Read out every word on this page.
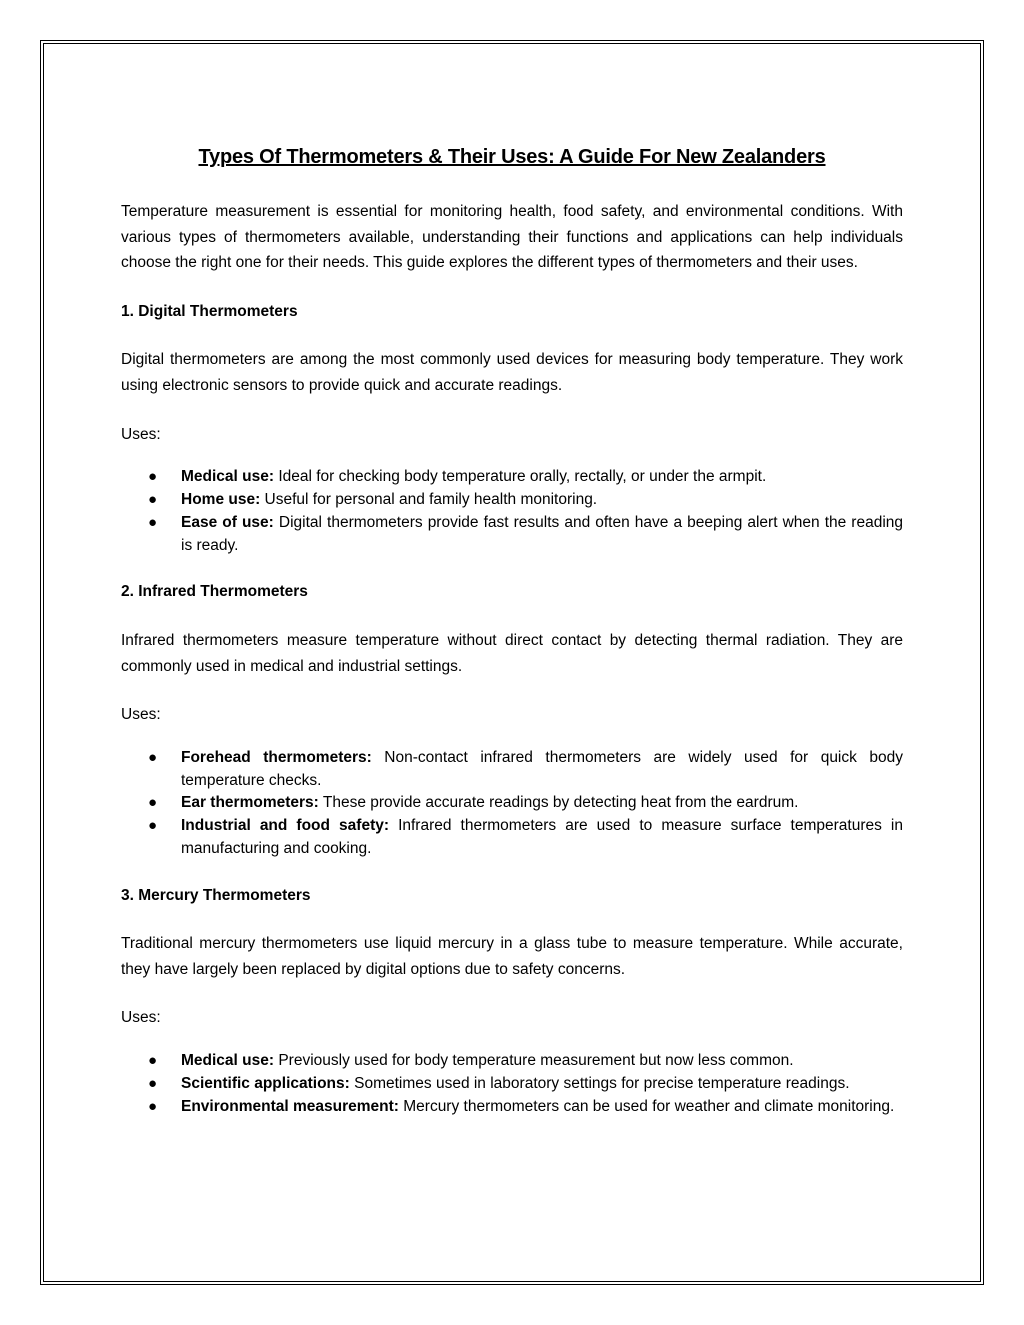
Types Of Thermometers & Their Uses: A Guide For New Zealanders

Temperature measurement is essential for monitoring health, food safety, and environmental conditions. With various types of thermometers available, understanding their functions and applications can help individuals choose the right one for their needs. This guide explores the different types of thermometers and their uses.

1. Digital Thermometers

Digital thermometers are among the most commonly used devices for measuring body temperature. They work using electronic sensors to provide quick and accurate readings.

Uses:

● Medical use: Ideal for checking body temperature orally, rectally, or under the armpit.
● Home use: Useful for personal and family health monitoring.
● Ease of use: Digital thermometers provide fast results and often have a beeping alert when the reading is ready.
2. Infrared Thermometers

Infrared thermometers measure temperature without direct contact by detecting thermal radiation. They are commonly used in medical and industrial settings.

Uses:

● Forehead thermometers: Non-contact infrared thermometers are widely used for quick body temperature checks.
● Ear thermometers: These provide accurate readings by detecting heat from the eardrum.
● Industrial and food safety: Infrared thermometers are used to measure surface temperatures in manufacturing and cooking.
3. Mercury Thermometers

Traditional mercury thermometers use liquid mercury in a glass tube to measure temperature. While accurate, they have largely been replaced by digital options due to safety concerns.

Uses:

● Medical use: Previously used for body temperature measurement but now less common.
● Scientific applications: Sometimes used in laboratory settings for precise temperature readings.
● Environmental measurement: Mercury thermometers can be used for weather and climate monitoring.
